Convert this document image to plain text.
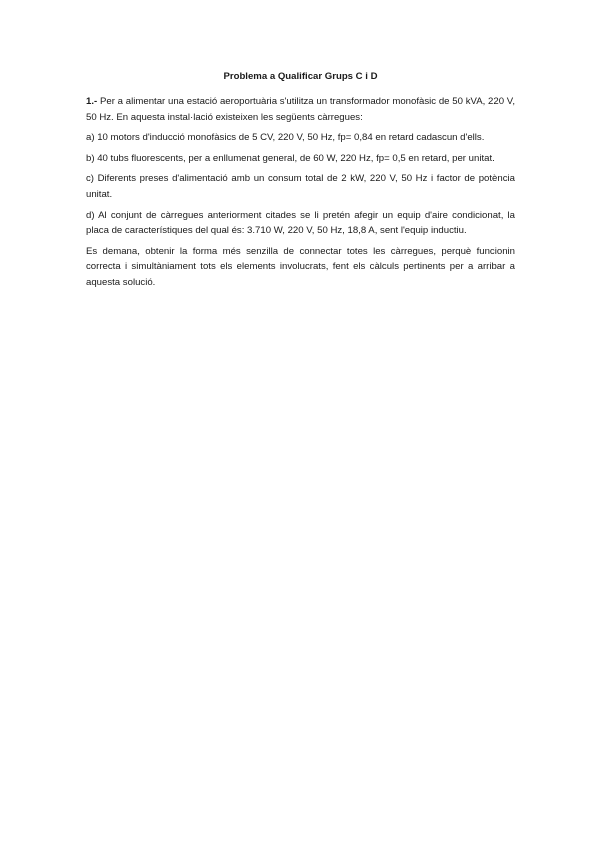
Problema a Qualificar Grups C i D

1.- Per a alimentar una estació aeroportuària s'utilitza un transformador monofàsic de 50 kVA, 220 V, 50 Hz. En aquesta instal·lació existeixen les següents càrregues:

a) 10 motors d'inducció monofàsics de 5 CV, 220 V, 50 Hz, fp= 0,84 en retard cadascun d'ells.

b) 40 tubs fluorescents, per a enllumenat general, de 60 W, 220 Hz, fp= 0,5 en retard, per unitat.

c) Diferents preses d'alimentació amb un consum total de 2 kW, 220 V, 50 Hz i factor de potència unitat.

d) Al conjunt de càrregues anteriorment citades se li pretén afegir un equip d'aire condicionat, la placa de característiques del qual és: 3.710 W, 220 V, 50 Hz, 18,8 A, sent l'equip inductiu.

Es demana, obtenir la forma més senzilla de connectar totes les càrregues, perquè funcionin correcta i simultàniament tots els elements involucrats, fent els càlculs pertinents per a arribar a aquesta solució.
